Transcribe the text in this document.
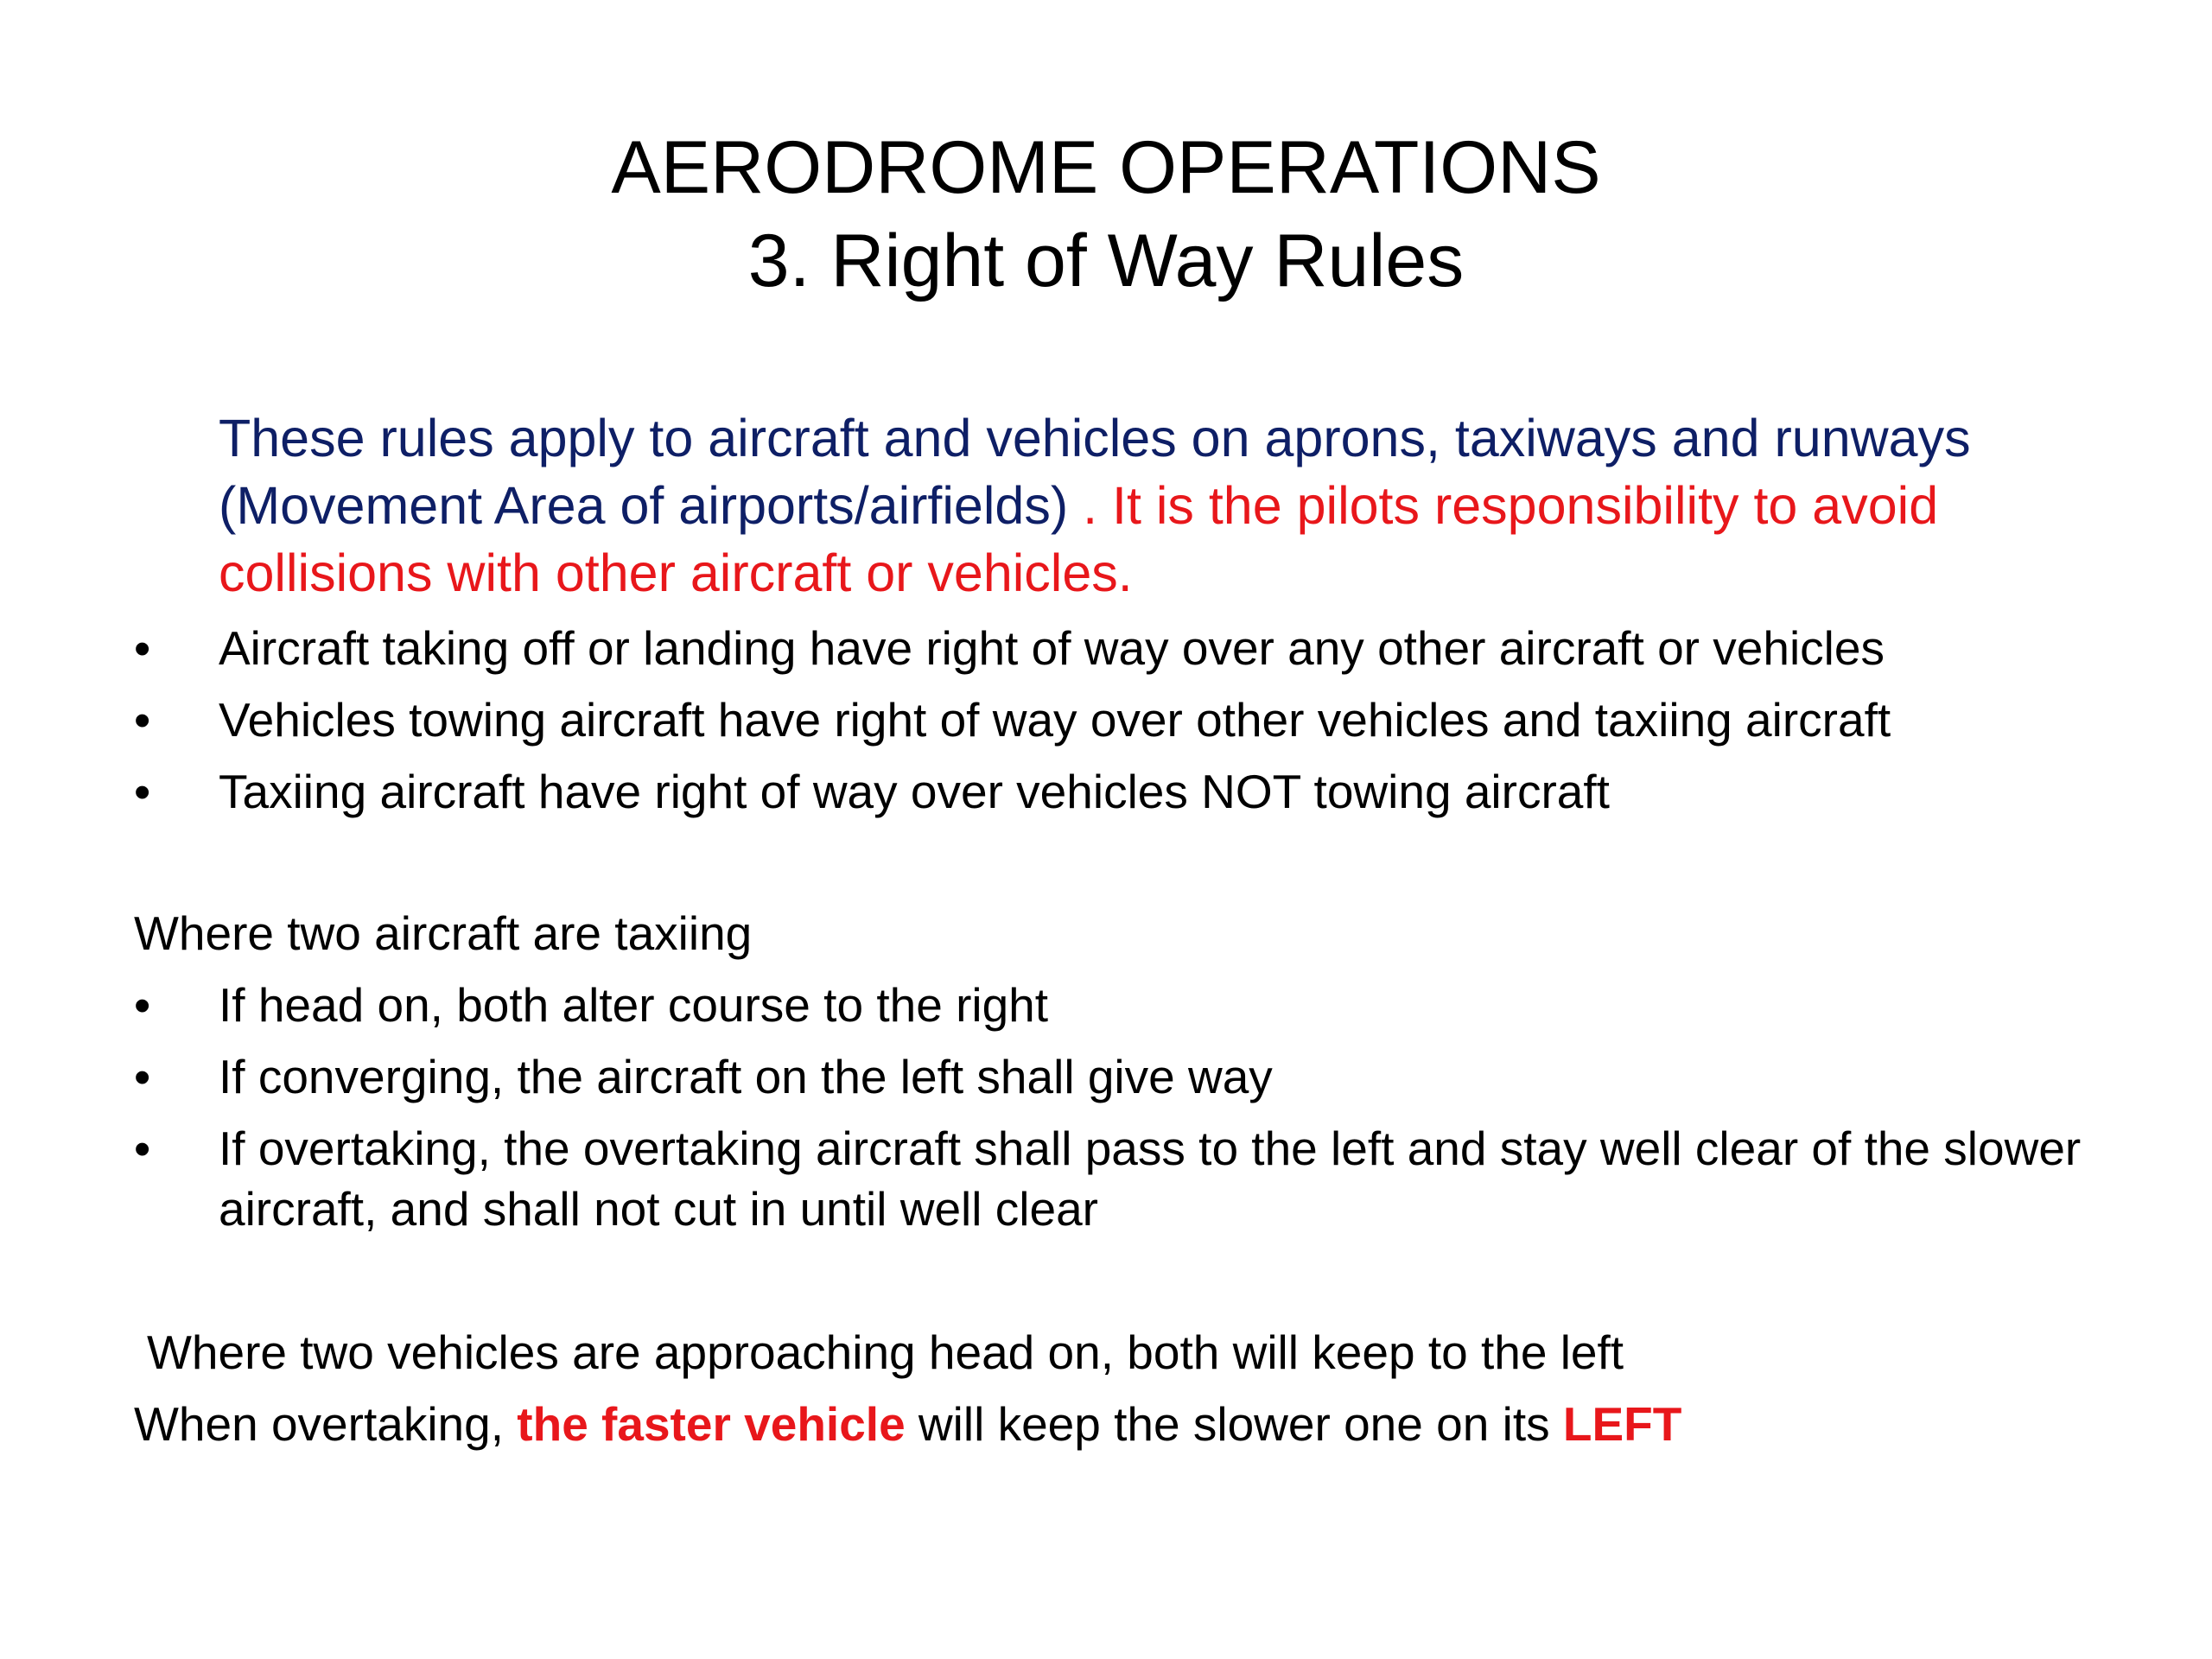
AERODROME OPERATIONS
3. Right of Way Rules
These rules apply to aircraft and vehicles on aprons, taxiways and runways (Movement Area of airports/airfields) . It is the pilots responsibility to avoid collisions with other aircraft or vehicles.
• Aircraft taking off or landing have right of way over any other aircraft or vehicles
• Vehicles towing aircraft have right of way over other vehicles and taxiing aircraft
• Taxiing aircraft have right of way over vehicles NOT towing aircraft
Where two aircraft are taxiing
• If head on, both alter course to the right
• If converging, the aircraft on the left shall give way
• If overtaking, the overtaking aircraft shall pass to the left and stay well clear of the slower aircraft, and shall not cut in until well clear
Where two vehicles are approaching head on, both will keep to the left
When overtaking, the faster vehicle will keep the slower one on its LEFT
